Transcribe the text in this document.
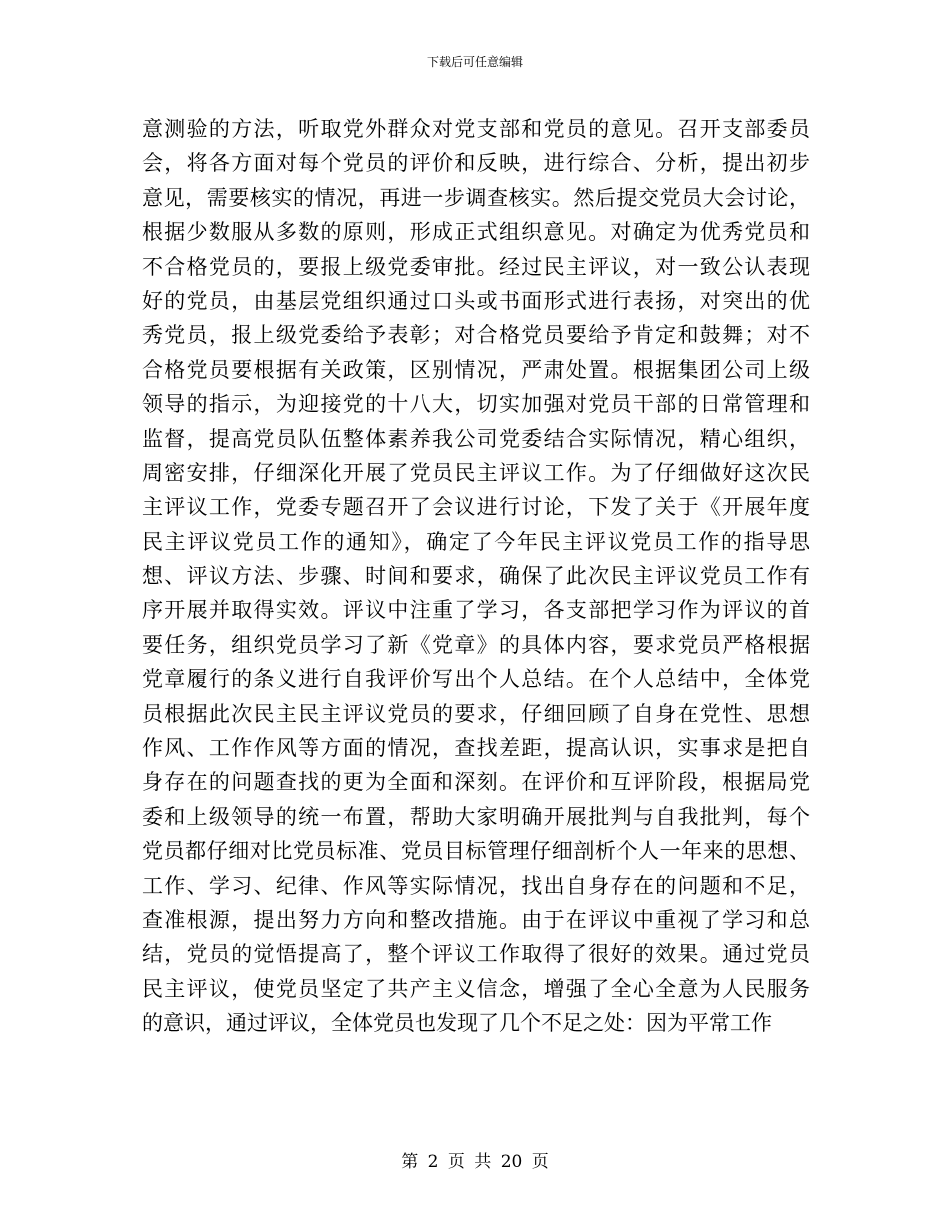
下载后可任意编辑
意测验的方法，听取党外群众对党支部和党员的意见。召开支部委员
会，将各方面对每个党员的评价和反映，进行综合、分析，提出初步
意见，需要核实的情况，再进一步调查核实。然后提交党员大会讨论，
根据少数服从多数的原则，形成正式组织意见。对确定为优秀党员和
不合格党员的，要报上级党委审批。经过民主评议，对一致公认表现
好的党员，由基层党组织通过口头或书面形式进行表扬，对突出的优
秀党员，报上级党委给予表彰；对合格党员要给予肯定和鼓舞；对不
合格党员要根据有关政策，区别情况，严肃处置。根据集团公司上级
领导的指示，为迎接党的十八大，切实加强对党员干部的日常管理和
监督，提高党员队伍整体素养我公司党委结合实际情况，精心组织，
周密安排，仔细深化开展了党员民主评议工作。为了仔细做好这次民
主评议工作，党委专题召开了会议进行讨论，下发了关于《开展年度
民主评议党员工作的通知》，确定了今年民主评议党员工作的指导思
想、评议方法、步骤、时间和要求，确保了此次民主评议党员工作有
序开展并取得实效。评议中注重了学习，各支部把学习作为评议的首
要任务，组织党员学习了新《党章》的具体内容，要求党员严格根据
党章履行的条义进行自我评价写出个人总结。在个人总结中，全体党
员根据此次民主民主评议党员的要求，仔细回顾了自身在党性、思想
作风、工作作风等方面的情况，查找差距，提高认识，实事求是把自
身存在的问题查找的更为全面和深刻。在评价和互评阶段，根据局党
委和上级领导的统一布置，帮助大家明确开展批判与自我批判，每个
党员都仔细对比党员标准、党员目标管理仔细剖析个人一年来的思想、
工作、学习、纪律、作风等实际情况，找出自身存在的问题和不足，
查准根源，提出努力方向和整改措施。由于在评议中重视了学习和总
结，党员的觉悟提高了，整个评议工作取得了很好的效果。通过党员
民主评议，使党员坚定了共产主义信念，增强了全心全意为人民服务
的意识，通过评议，全体党员也发现了几个不足之处：因为平常工作
第 2 页 共 20 页
